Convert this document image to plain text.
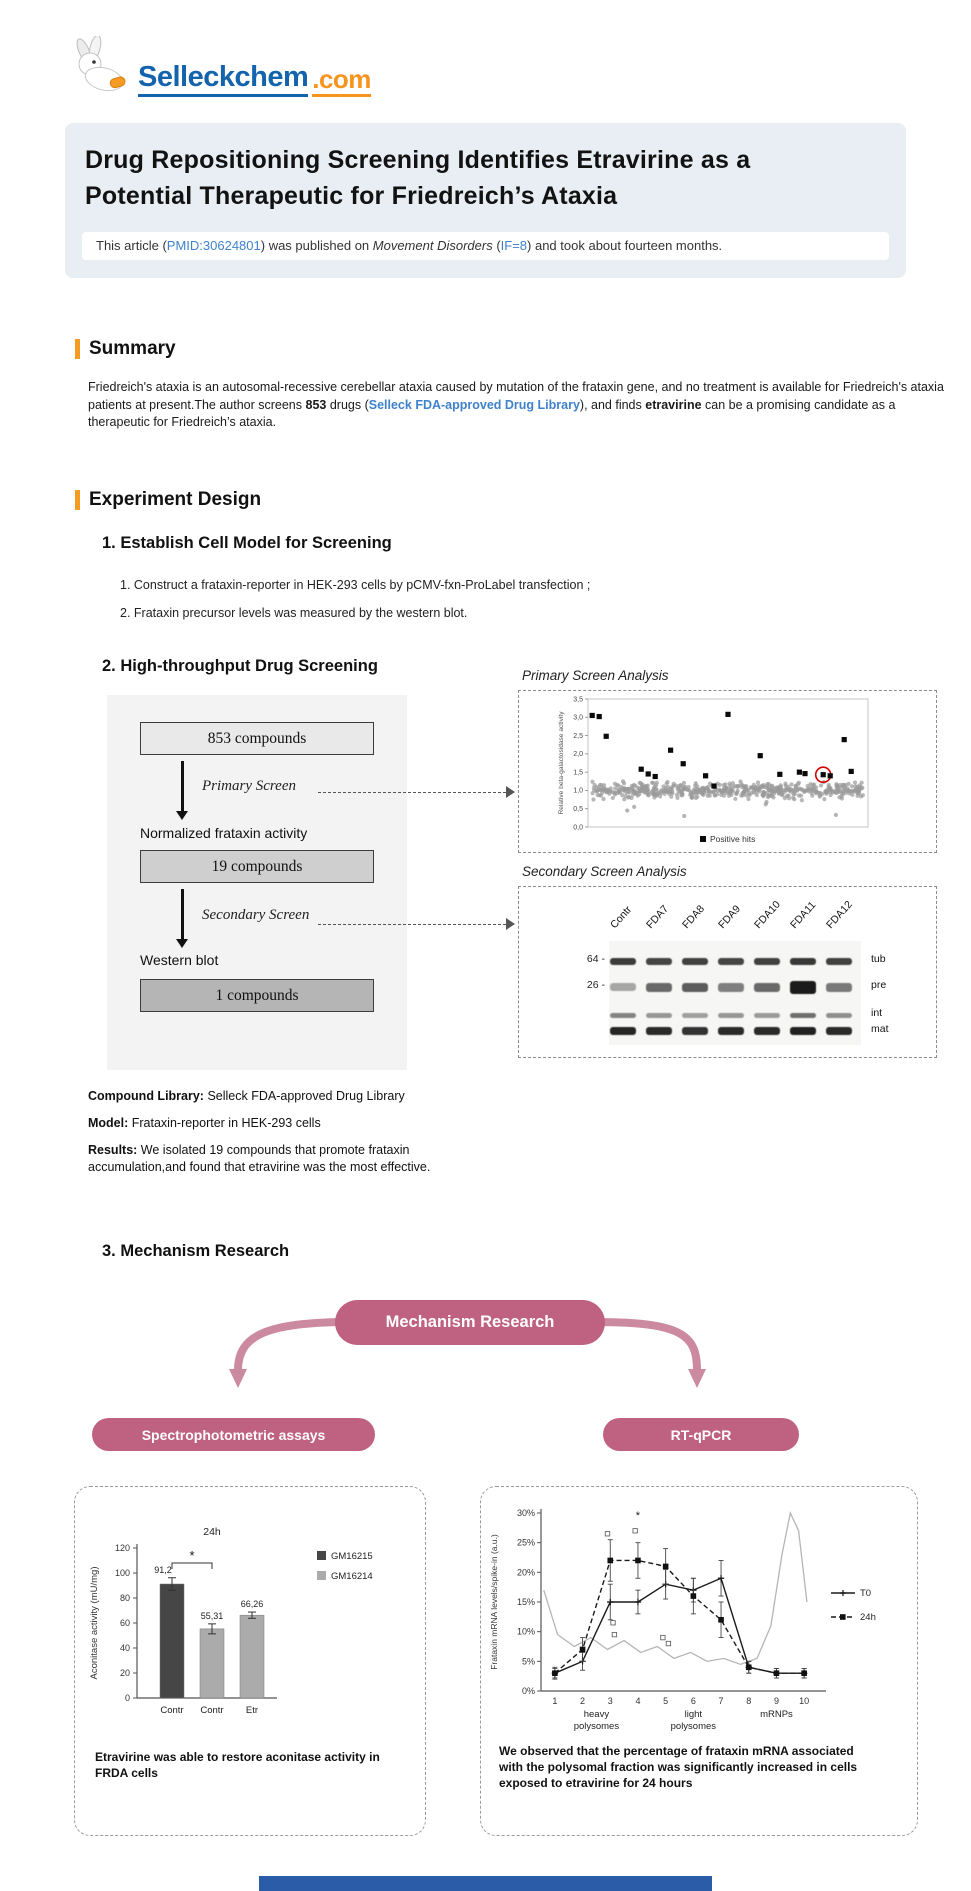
Selleckchem .com
Drug Repositioning Screening Identifies Etravirine as a
Potential Therapeutic for Friedreich’s Ataxia
This article (PMID:30624801) was published on Movement Disorders (IF=8) and took about fourteen months.
Summary
Friedreich's ataxia is an autosomal-recessive cerebellar ataxia caused by mutation of the frataxin gene, and no treatment is available for Friedreich's ataxia patients at present.The author screens 853 drugs (Selleck FDA-approved Drug Library), and finds etravirine can be a promising candidate as a therapeutic for Friedreich’s ataxia.
Experiment Design
1. Establish Cell Model for Screening
1. Construct a frataxin-reporter in HEK-293 cells by pCMV-fxn-ProLabel transfection ;
2. Frataxin precursor levels was measured by the western blot.
2. High-throughput Drug Screening
853 compounds
Primary Screen
Normalized frataxin activity
19 compounds
Secondary Screen
Western blot
1 compounds
Primary Screen Analysis
0,0
0,5
1,0
1,5
2,0
2,5
3,0
3,5
Relative beta-galactosidase activity
Positive hits
Secondary Screen Analysis
Contr FDA7 FDA8 FDA9 FDA10 FDA11 FDA12
64 -
26 -
tub
pre
int
mat

Compound Library: Selleck FDA-approved Drug Library

Model: Frataxin-reporter in HEK-293 cells

Results: We isolated 19 compounds that promote frataxin accumulation,and found that etravirine was the most effective.

3. Mechanism Research
Mechanism Research
Spectrophotometric assays	RT-qPCR
0
20
40
60
80
100
120
Aconitase activity (mU/mg)	91,2
Contr
55,31
Contr
66,26
Etr
*
24h
GM16215
GM16214
Etravirine was able to restore aconitase activity in FRDA cells
0%
5%
10%
15%
20%
25%
30%
Frataxin mRNA levels/spike-in (a.u.)
1	2	3	4	5	6	7	8	9 10
heavy
polysomes
light
polysomes
mRNPs
*
T0
24h
We observed that the percentage of frataxin mRNA associated with the polysomal fraction was significantly increased in cells exposed to etravirine for 24 hours
